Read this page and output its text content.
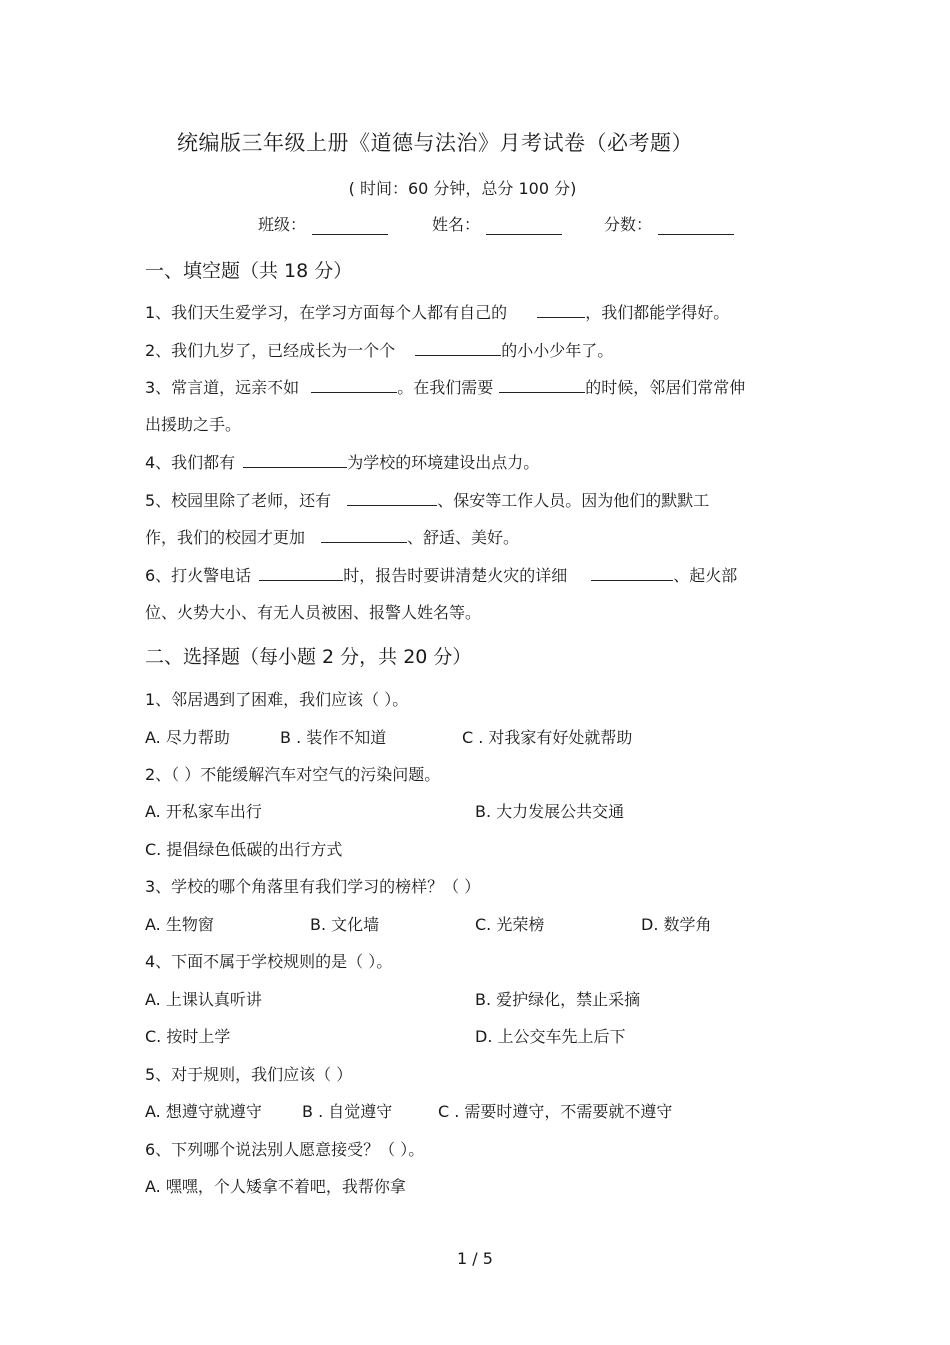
统编版三年级上册《道德与法治》月考试卷（必考题）
( 时间：60 分钟，总分 100 分)
班级：	姓名：	分数：
一、填空题（共 18 分）
1、我们天生爱学习，在学习方面每个人都有自己的	，我们都能学得好。
2、我们九岁了，已经成长为一个个	的小小少年了。
3、常言道，远亲不如	。在我们需要	的时候，邻居们常常伸
出援助之手。
4、我们都有	为学校的环境建设出点力。
5、校园里除了老师，还有	、保安等工作人员。因为他们的默默工
作，我们的校园才更加	、舒适、美好。
6、打火警电话	时，报告时要讲清楚火灾的详细	、起火部
位、火势大小、有无人员被困、报警人姓名等。
二、选择题（每小题 2 分，共 20 分）
1、邻居遇到了困难，我们应该（ ）。
A. 尽力帮助	B . 装作不知道	C . 对我家有好处就帮助
2、（ ）不能缓解汽车对空气的污染问题。
A. 开私家车出行	B. 大力发展公共交通
C. 提倡绿色低碳的出行方式
3、学校的哪个角落里有我们学习的榜样？（ ）
A. 生物窗	B. 文化墙	C. 光荣榜	D. 数学角
4、下面不属于学校规则的是（ ）。
A. 上课认真听讲	B. 爱护绿化，禁止采摘
C. 按时上学	D. 上公交车先上后下
5、对于规则，我们应该（ ）
A. 想遵守就遵守	B . 自觉遵守	C . 需要时遵守，不需要就不遵守
6、下列哪个说法别人愿意接受？（ ）。
A. 嘿嘿，个人矮拿不着吧，我帮你拿
1 / 5
